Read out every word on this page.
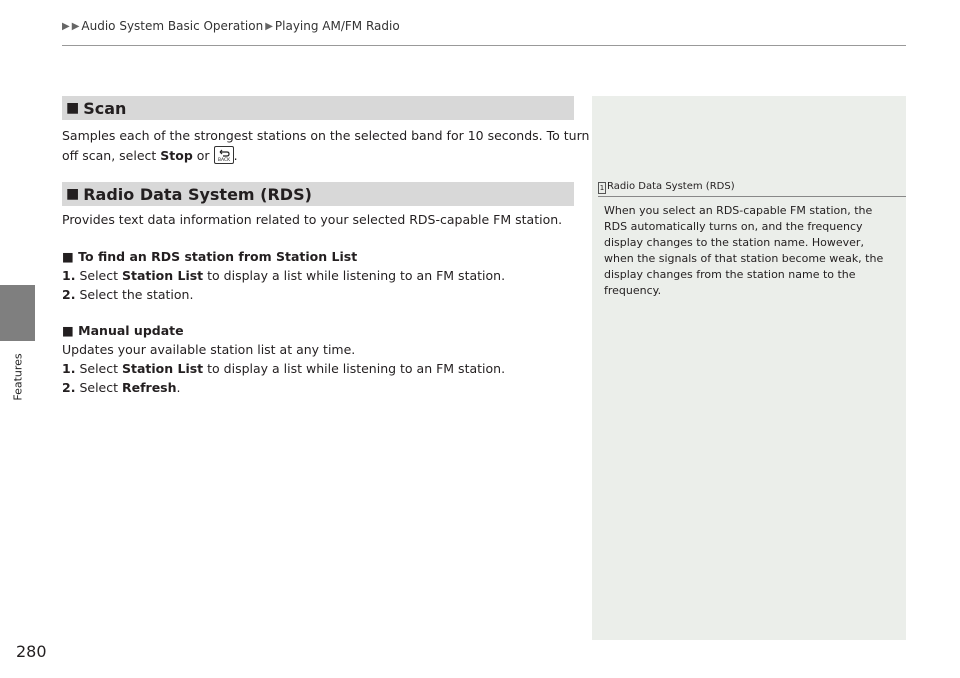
▶ ▶ Audio System Basic Operation ▶ Playing AM/FM Radio
Features
■ Scan
Samples each of the strongest stations on the selected band for 10 seconds. To turn
off scan, select Stop or BACK .
■ Radio Data System (RDS)
Provides text data information related to your selected RDS-capable FM station.
■ To find an RDS station from Station List
1. Select Station List to display a list while listening to an FM station.
2. Select the station.
■ Manual update
Updates your available station list at any time.
1. Select Station List to display a list while listening to an FM station.
2. Select Refresh.
1 Radio Data System (RDS)
When you select an RDS-capable FM station, the RDS automatically turns on, and the frequency display changes to the station name. However, when the signals of that station become weak, the display changes from the station name to the frequency.
280
